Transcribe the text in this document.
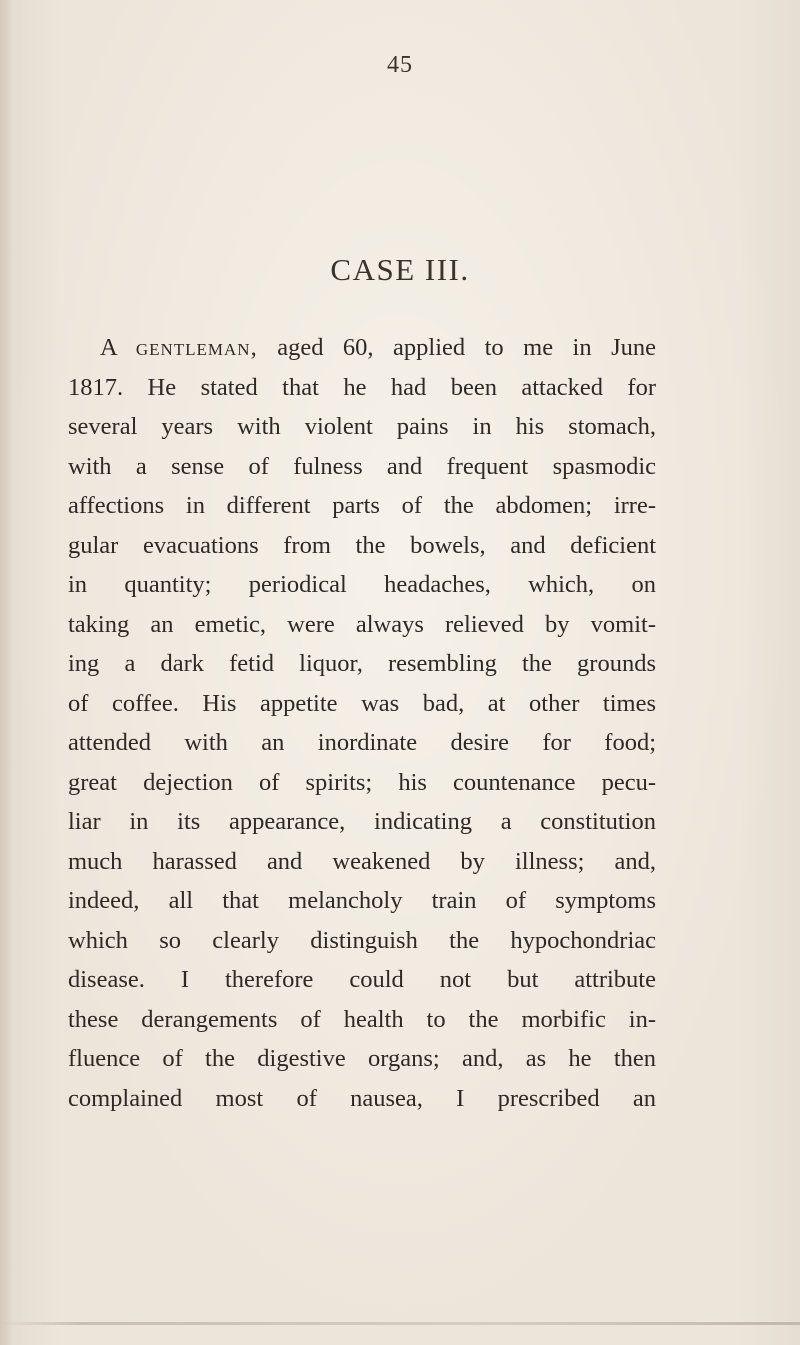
45
CASE III.
A gentleman, aged 60, applied to me in June
1817. He stated that he had been attacked for
several years with violent pains in his stomach,
with a sense of fulness and frequent spasmodic
affections in different parts of the abdomen; irre-
gular evacuations from the bowels, and deficient
in quantity; periodical headaches, which, on
taking an emetic, were always relieved by vomit-
ing a dark fetid liquor, resembling the grounds
of coffee. His appetite was bad, at other times
attended with an inordinate desire for food;
great dejection of spirits; his countenance pecu-
liar in its appearance, indicating a constitution
much harassed and weakened by illness; and,
indeed, all that melancholy train of symptoms
which so clearly distinguish the hypochondriac
disease. I therefore could not but attribute
these derangements of health to the morbific in-
fluence of the digestive organs; and, as he then
complained most of nausea, I prescribed an
